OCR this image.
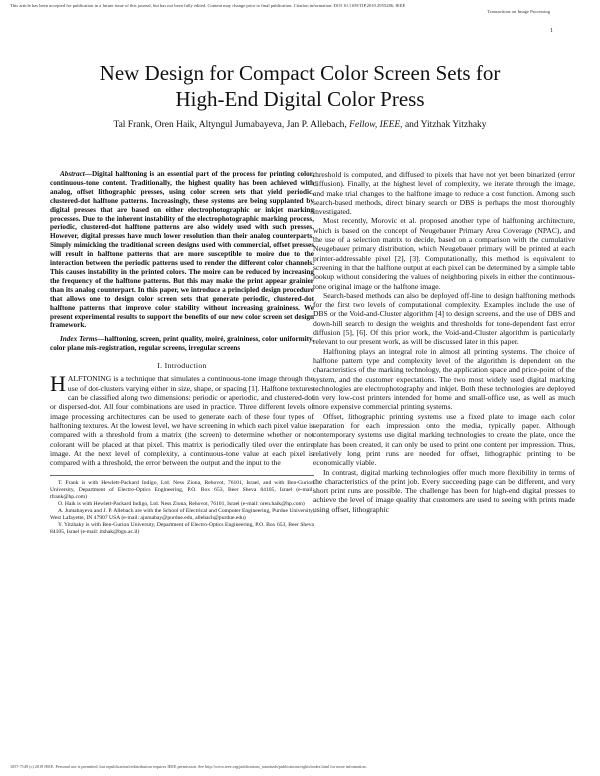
This article has been accepted for publication in a future issue of this journal, but has not been fully edited. Content may change prior to final publication. Citation information: DOI 10.1109/TIP.2019.2955286, IEEE
Transactions on Image Processing
1
New Design for Compact Color Screen Sets for
High-End Digital Color Press
Tal Frank, Oren Haik, Altyngul Jumabayeva, Jan P. Allebach, Fellow, IEEE, and Yitzhak Yitzhaky

Abstract—Digital halftoning is an essential part of the process for printing color, continuous-tone content. Traditionally, the highest quality has been achieved with analog, offset lithographic presses, using color screen sets that yield periodic, clustered-dot halftone patterns. Increasingly, these systems are being supplanted by digital presses that are based on either electrophotographic or inkjet marking processes. Due to the inherent instability of the electrophotographic marking process, periodic, clustered-dot halftone patterns are also widely used with such presses. However, digital presses have much lower resolution than their analog counterparts. Simply mimicking the traditional screen designs used with commercial, offset presses will result in halftone patterns that are more susceptible to moire due to the interaction between the periodic patterns used to render the different color channels. This causes instability in the printed colors. The moire can be reduced by increasing the frequency of the halftone patterns. But this may make the print appear grainier than its analog counterpart. In this paper, we introduce a principled design procedure that allows one to design color screen sets that generate periodic, clustered-dot halftone patterns that improve color stability without increasing graininess. We present experimental results to support the benefits of our new color screen set design framework.

Index Terms—halftoning, screen, print quality, moiré, graininess, color uniformity, color plane mis-registration, regular screens, irregular screens

I. Introduction

HALFTONING is a technique that simulates a continuous-tone image through the use of dot-clusters varying either in size, shape, or spacing [1]. Halftone textures can be classified along two dimensions: periodic or aperiodic, and clustered-dot or dispersed-dot. All four combinations are used in practice. Three different levels of image processing architectures can be used to generate each of these four types of halftoning textures. At the lowest level, we have screening in which each pixel value is compared with a threshold from a matrix (the screen) to determine whether or not colorant will be placed at that pixel. This matrix is periodically tiled over the entire image. At the next level of complexity, a continuous-tone value at each pixel is compared with a threshold, the error between the output and the input to the

T. Frank is with Hewlett-Packard Indigo, Ltd. Ness Ziona, Rehovot, 76101, Israel, and with Ben-Gurion University, Department of Electro-Optics Engineering, P.O. Box 653, Beer Sheva 84105, Israel (e-mail: tfrank@hp.com)

O. Haik is with Hewlett-Packard Indigo, Ltd. Ness Ziona, Rehovot, 76101, Israel (e-mail: oren.haik@hp.com)

A. Jumabayeva and J. P. Allebach are with the School of Electrical and Computer Engineering, Purdue University, West Lafayette, IN 47907 USA (e-mail: ajumabay@purdue.edu, allebach@purdue.edu)

Y. Yitzhaky is with Ben-Gurion University, Department of Electro-Optics Engineering, P.O. Box 653, Beer Sheva 84105, Israel (e-mail: itshak@bgu.ac.il)

threshold is computed, and diffused to pixels that have not yet been binarized (error diffusion). Finally, at the highest level of complexity, we iterate through the image, and make trial changes to the halftone image to reduce a cost function. Among such search-based methods, direct binary search or DBS is perhaps the most thoroughly investigated.

Most recently, Morovic et al. proposed another type of halftoning architecture, which is based on the concept of Neugebauer Primary Area Coverage (NPAC), and the use of a selection matrix to decide, based on a comparison with the cumulative Neugebauer primary distribution, which Neugebauer primary will be printed at each printer-addressable pixel [2], [3]. Computationally, this method is equivalent to screening in that the halftone output at each pixel can be determined by a simple table lookup without considering the values of neighboring pixels in either the continuous-tone original image or the halftone image.

Search-based methods can also be deployed off-line to design halftoning methods for the first two levels of computational complexity. Examples include the use of DBS or the Void-and-Cluster algorithm [4] to design screens, and the use of DBS and down-hill search to design the weights and thresholds for tone-dependent fast error diffusion [5], [6]. Of this prior work, the Void-and-Cluster algorithm is particularly relevant to our present work, as will be discussed later in this paper.

Halftoning plays an integral role in almost all printing systems. The choice of halftone pattern type and complexity level of the algorithm is dependent on the characteristics of the marking technology, the application space and price-point of the system, and the customer expectations. The two most widely used digital marking technologies are electrophotography and inkjet. Both these technologies are deployed in very low-cost printers intended for home and small-office use, as well as much more expensive commercial printing systems.

Offset, lithographic printing systems use a fixed plate to image each color separation for each impression onto the media, typically paper. Although contemporary systems use digital marking technologies to create the plate, once the plate has been created, it can only be used to print one content per impression. Thus, relatively long print runs are needed for offset, lithographic printing to be economically viable.

In contrast, digital marking technologies offer much more flexibility in terms of the characteristics of the print job. Every succeeding page can be different, and very short print runs are possible. The challenge has been for high-end digital presses to achieve the level of image quality that customers are used to seeing with prints made using offset, lithographic

1057-7149 (c) 2019 IEEE. Personal use is permitted, but republication/redistribution requires IEEE permission. See http://www.ieee.org/publications_standards/publications/rights/index.html for more information.
